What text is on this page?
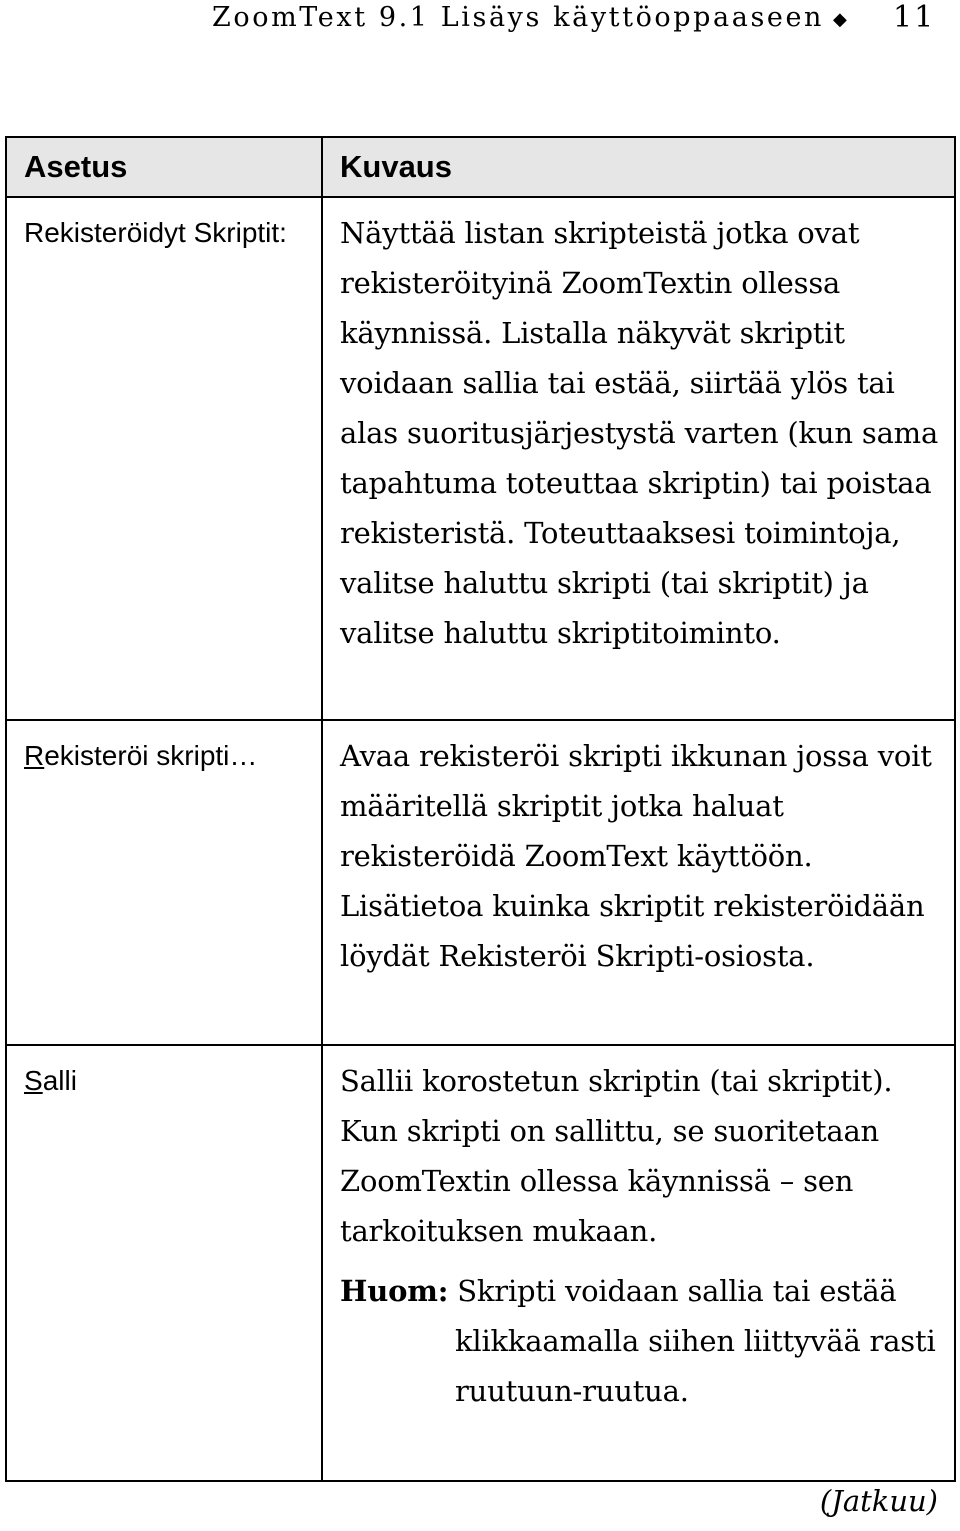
ZoomText 9.1 Lisäys käyttöoppaaseen ◆ 11
Asetus	Kuvaus
Rekisteröidyt Skriptit:	Näyttää listan skripteistä jotka ovat rekisteröityinä ZoomTextin ollessa käynnissä. Listalla näkyvät skriptit voidaan sallia tai estää, siirtää ylös tai alas suoritusjärjestystä varten (kun sama tapahtuma toteuttaa skriptin) tai poistaa rekisteristä. Toteuttaaksesi toimintoja, valitse haluttu skripti (tai skriptit) ja valitse haluttu skriptitoiminto.
Rekisteröi skripti…	Avaa rekisteröi skripti ikkunan jossa voit määritellä skriptit jotka haluat rekisteröidä ZoomText käyttöön. Lisätietoa kuinka skriptit rekisteröidään löydät Rekisteröi Skripti-osiosta.
Salli	Sallii korostetun skriptin (tai skriptit). Kun skripti on sallittu, se suoritetaan ZoomTextin ollessa käynnissä – sen tarkoituksen mukaan.
Huom: Skripti voidaan sallia tai estää
klikkaamalla siihen liittyvää rasti ruutuun-ruutua.
(Jatkuu)
